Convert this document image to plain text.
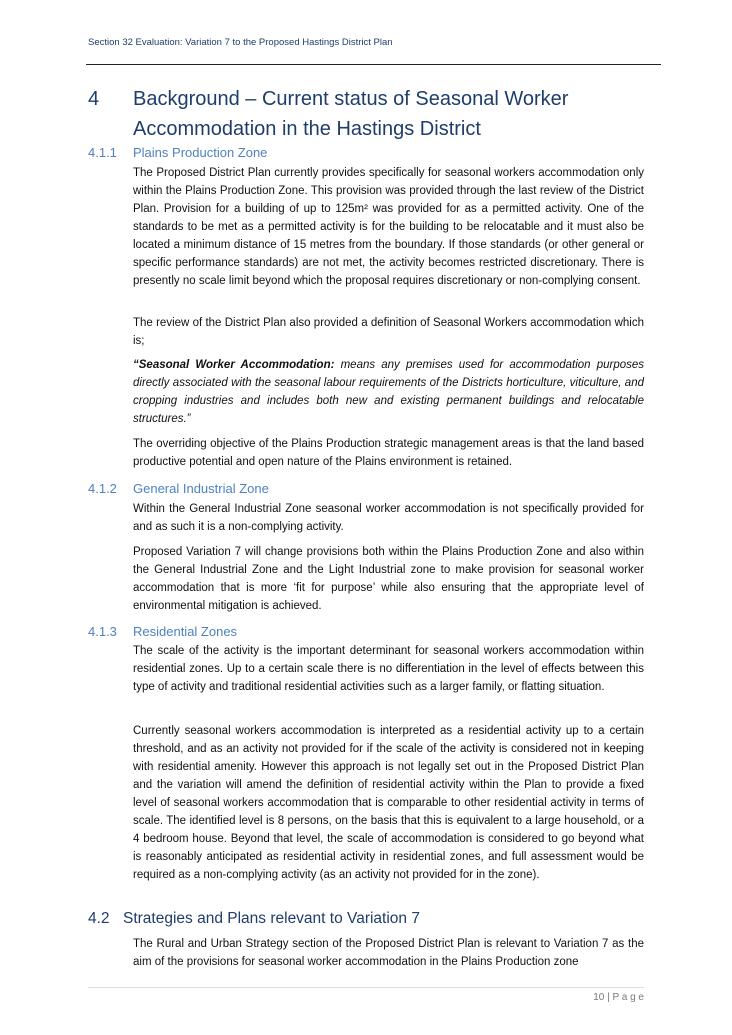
Section 32 Evaluation: Variation 7 to the Proposed Hastings District Plan
4 Background – Current status of Seasonal Worker Accommodation in the Hastings District
4.1.1 Plains Production Zone

The Proposed District Plan currently provides specifically for seasonal workers accommodation only within the Plains Production Zone. This provision was provided through the last review of the District Plan. Provision for a building of up to 125m² was provided for as a permitted activity. One of the standards to be met as a permitted activity is for the building to be relocatable and it must also be located a minimum distance of 15 metres from the boundary. If those standards (or other general or specific performance standards) are not met, the activity becomes restricted discretionary. There is presently no scale limit beyond which the proposal requires discretionary or non-complying consent.

The review of the District Plan also provided a definition of Seasonal Workers accommodation which is;

“Seasonal Worker Accommodation: means any premises used for accommodation purposes directly associated with the seasonal labour requirements of the Districts horticulture, viticulture, and cropping industries and includes both new and existing permanent buildings and relocatable structures.”

The overriding objective of the Plains Production strategic management areas is that the land based productive potential and open nature of the Plains environment is retained.

4.1.2 General Industrial Zone

Within the General Industrial Zone seasonal worker accommodation is not specifically provided for and as such it is a non-complying activity.

Proposed Variation 7 will change provisions both within the Plains Production Zone and also within the General Industrial Zone and the Light Industrial zone to make provision for seasonal worker accommodation that is more ‘fit for purpose’ while also ensuring that the appropriate level of environmental mitigation is achieved.

4.1.3 Residential Zones

The scale of the activity is the important determinant for seasonal workers accommodation within residential zones. Up to a certain scale there is no differentiation in the level of effects between this type of activity and traditional residential activities such as a larger family, or flatting situation.

Currently seasonal workers accommodation is interpreted as a residential activity up to a certain threshold, and as an activity not provided for if the scale of the activity is considered not in keeping with residential amenity. However this approach is not legally set out in the Proposed District Plan and the variation will amend the definition of residential activity within the Plan to provide a fixed level of seasonal workers accommodation that is comparable to other residential activity in terms of scale. The identified level is 8 persons, on the basis that this is equivalent to a large household, or a 4 bedroom house. Beyond that level, the scale of accommodation is considered to go beyond what is reasonably anticipated as residential activity in residential zones, and full assessment would be required as a non-complying activity (as an activity not provided for in the zone).

4.2 Strategies and Plans relevant to Variation 7

The Rural and Urban Strategy section of the Proposed District Plan is relevant to Variation 7 as the aim of the provisions for seasonal worker accommodation in the Plains Production zone

10 | P a g e
